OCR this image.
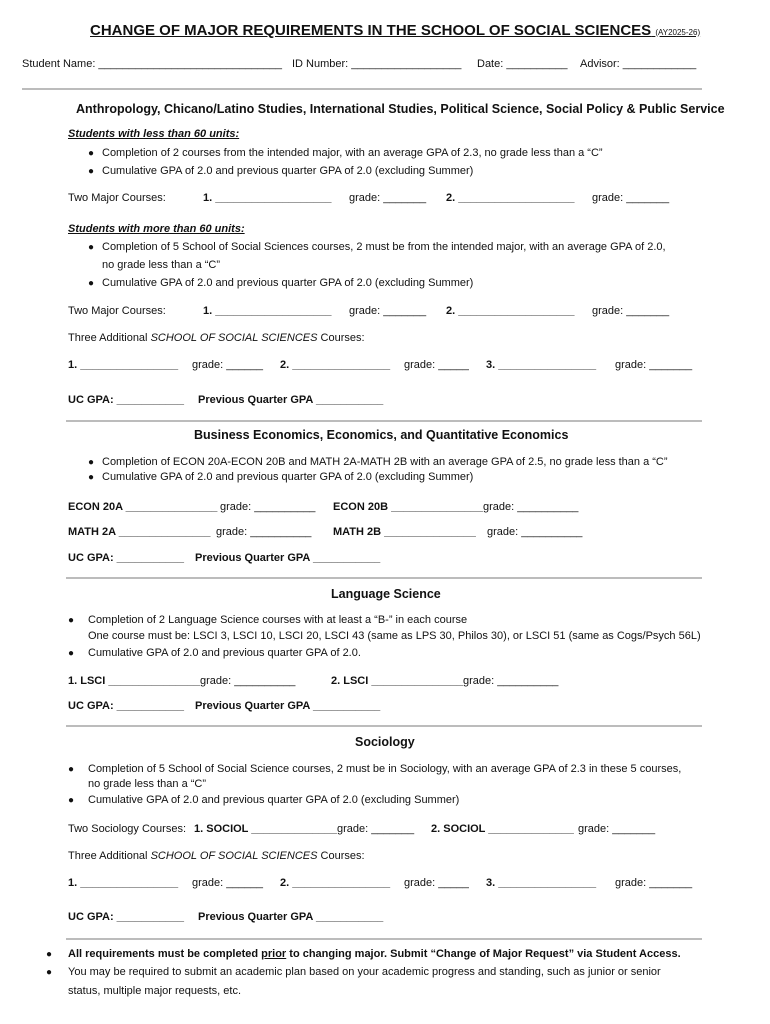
CHANGE OF MAJOR REQUIREMENTS IN THE SCHOOL OF SOCIAL SCIENCES (AY2025-26)
Student Name: ______________________________ ID Number: __________________ Date: __________ Advisor: ____________
Anthropology, Chicano/Latino Studies, International Studies, Political Science, Social Policy & Public Service
Students with less than 60 units:
● Completion of 2 courses from the intended major, with an average GPA of 2.3, no grade less than a “C”
● Cumulative GPA of 2.0 and previous quarter GPA of 2.0 (excluding Summer)
Two Major Courses:	1. ___________________ grade: _______ 2. ___________________ grade: _______
Students with more than 60 units:
● Completion of 5 School of Social Sciences courses, 2 must be from the intended major, with an average GPA of 2.0,
no grade less than a “C”
● Cumulative GPA of 2.0 and previous quarter GPA of 2.0 (excluding Summer)
Two Major Courses:	1. ___________________ grade: _______ 2. ___________________ grade: _______
Three Additional SCHOOL OF SOCIAL SCIENCES Courses:
1. ________________ grade: ______ 2. ________________ grade: _____ 3. ________________ grade: _______
UC GPA: ___________ Previous Quarter GPA ___________
Business Economics, Economics, and Quantitative Economics
● Completion of ECON 20A-ECON 20B and MATH 2A-MATH 2B with an average GPA of 2.5, no grade less than a “C”
● Cumulative GPA of 2.0 and previous quarter GPA of 2.0 (excluding Summer)
ECON 20A _______________ grade: __________ ECON 20B _______________ grade: __________
MATH 2A _______________ grade: __________ MATH 2B _______________ grade: __________
UC GPA: ___________ Previous Quarter GPA ___________
Language Science
● Completion of 2 Language Science courses with at least a “B-” in each course
One course must be: LSCI 3, LSCI 10, LSCI 20, LSCI 43 (same as LPS 30, Philos 30), or LSCI 51 (same as Cogs/Psych 56L)
● Cumulative GPA of 2.0 and previous quarter GPA of 2.0.
1. LSCI _______________ grade: __________	2. LSCI _______________ grade: __________
UC GPA: ___________ Previous Quarter GPA ___________
Sociology
● Completion of 5 School of Social Science courses, 2 must be in Sociology, with an average GPA of 2.3 in these 5 courses,
no grade less than a “C”
● Cumulative GPA of 2.0 and previous quarter GPA of 2.0 (excluding Summer)
Two Sociology Courses: 1. SOCIOL ______________ grade: _______ 2. SOCIOL ______________ grade: _______
Three Additional SCHOOL OF SOCIAL SCIENCES Courses:
1. ________________ grade: ______ 2. ________________ grade: _____ 3. ________________ grade: _______
UC GPA: ___________ Previous Quarter GPA ___________
● All requirements must be completed prior to changing major. Submit “Change of Major Request” via Student Access.
● You may be required to submit an academic plan based on your academic progress and standing, such as junior or senior
status, multiple major requests, etc.
